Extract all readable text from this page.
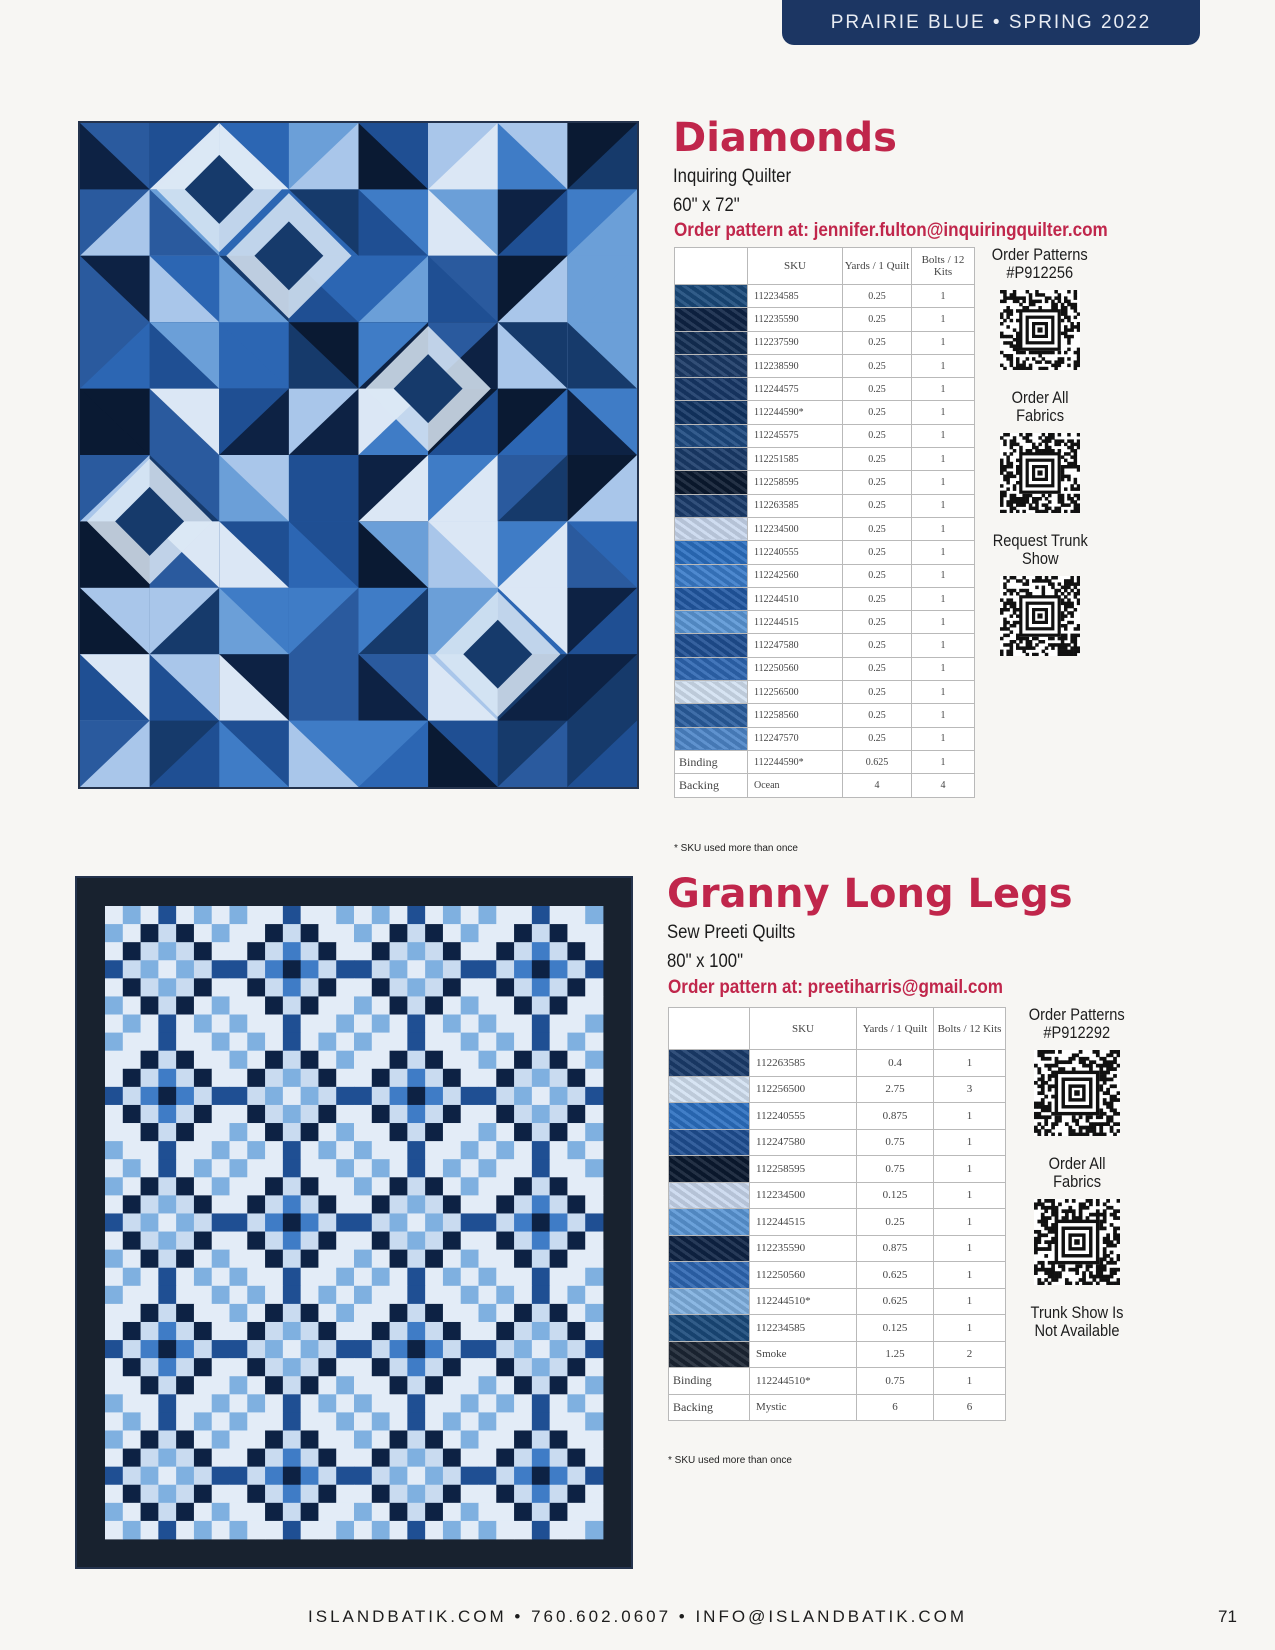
PRAIRIE BLUE • SPRING 2022
Diamonds
Inquiring Quilter
60" x 72"
Order pattern at: jennifer.fulton@inquiringquilter.com
	SKU	Yards / 1 Quilt	Bolts / 12 Kits
	112234585	0.25	1
	112235590	0.25	1
	112237590	0.25	1
	112238590	0.25	1
	112244575	0.25	1
	112244590*	0.25	1
	112245575	0.25	1
	112251585	0.25	1
	112258595	0.25	1
	112263585	0.25	1
	112234500	0.25	1
	112240555	0.25	1
	112242560	0.25	1
	112244510	0.25	1
	112244515	0.25	1
	112247580	0.25	1
	112250560	0.25	1
	112256500	0.25	1
	112258560	0.25	1
	112247570	0.25	1
Binding	112244590*	0.625	1
Backing	Ocean	4	4
* SKU used more than once
Order Patterns
#P912256
Order All
Fabrics
Request Trunk
Show
Granny Long Legs
Sew Preeti Quilts
80" x 100"
Order pattern at: preetiharris@gmail.com
	SKU	Yards / 1 Quilt	Bolts / 12 Kits
	112263585	0.4	1
	112256500	2.75	3
	112240555	0.875	1
	112247580	0.75	1
	112258595	0.75	1
	112234500	0.125	1
	112244515	0.25	1
	112235590	0.875	1
	112250560	0.625	1
	112244510*	0.625	1
	112234585	0.125	1
	Smoke	1.25	2
Binding	112244510*	0.75	1
Backing	Mystic	6	6
* SKU used more than once
Order Patterns
#P912292
Order All
Fabrics
Trunk Show Is
Not Available
ISLANDBATIK.COM • 760.602.0607 • INFO@ISLANDBATIK.COM	71
